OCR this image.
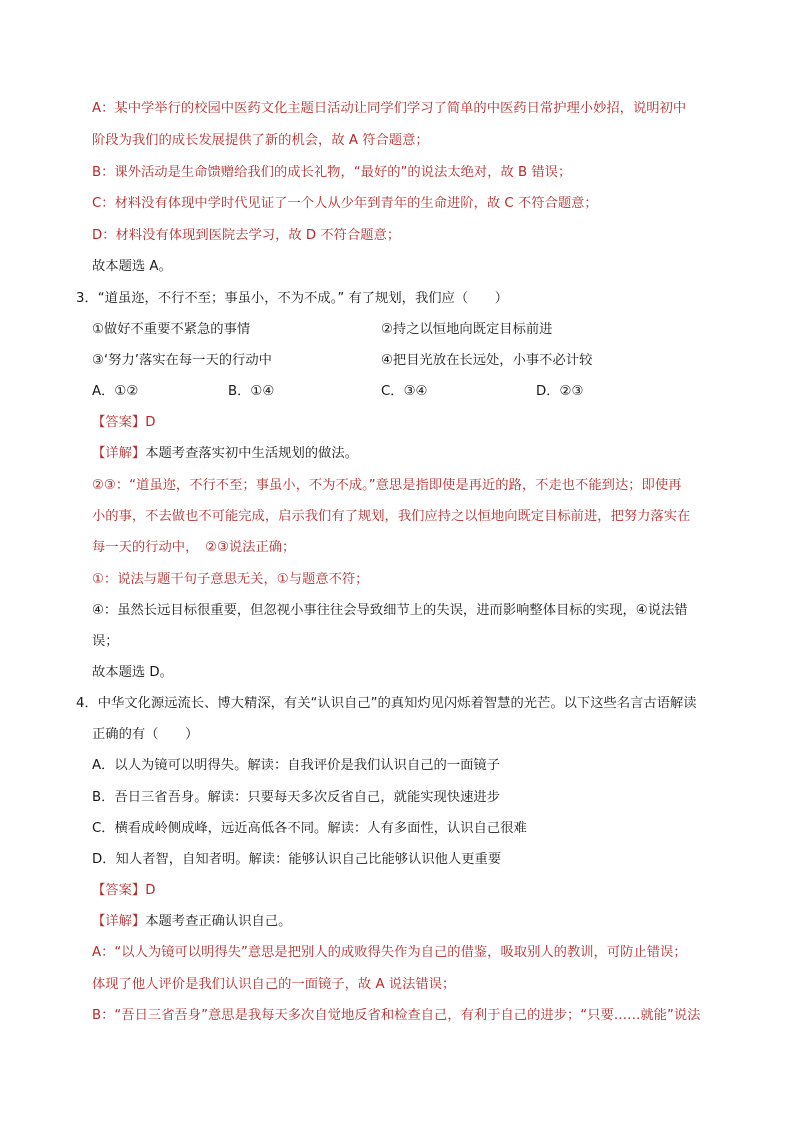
A：某中学举行的校园中医药文化主题日活动让同学们学习了简单的中医药日常护理小妙招，说明初中
阶段为我们的成长发展提供了新的机会，故 A 符合题意；
B：课外活动是生命馈赠给我们的成长礼物，“最好的”的说法太绝对，故 B 错误；
C：材料没有体现中学时代见证了一个人从少年到青年的生命进阶，故 C 不符合题意；
D：材料没有体现到医院去学习，故 D 不符合题意；
故本题选 A。
3．“道虽迩，不行不至；事虽小，不为不成。” 有了规划，我们应（　　）
①做好不重要不紧急的事情	②持之以恒地向既定目标前进
③‘努力’落实在每一天的行动中	④把目光放在长远处，小事不必计较
A．①②	B．①④	C．③④	D．②③
【答案】D
【详解】本题考查落实初中生活规划的做法。
②③：“道虽迩，不行不至；事虽小，不为不成。”意思是指即使是再近的路，不走也不能到达；即使再
小的事，不去做也不可能完成，启示我们有了规划，我们应持之以恒地向既定目标前进，把努力落实在
每一天的行动中，　②③说法正确；
①：说法与题干句子意思无关，①与题意不符；
④：虽然长远目标很重要，但忽视小事往往会导致细节上的失误，进而影响整体目标的实现，④说法错
误；
故本题选 D。
4．中华文化源远流长、博大精深，有关“认识自己”的真知灼见闪烁着智慧的光芒。以下这些名言古语解读
正确的有（　　）
A．以人为镜可以明得失。解读：自我评价是我们认识自己的一面镜子
B．吾日三省吾身。解读：只要每天多次反省自己，就能实现快速进步
C．横看成岭侧成峰，远近高低各不同。解读：人有多面性，认识自己很难
D．知人者智，自知者明。解读：能够认识自己比能够认识他人更重要
【答案】D
【详解】本题考查正确认识自己。
A：“以人为镜可以明得失”意思是把别人的成败得失作为自己的借鉴，吸取别人的教训，可防止错误；
体现了他人评价是我们认识自己的一面镜子，故 A 说法错误；
B：“吾日三省吾身”意思是我每天多次自觉地反省和检查自己，有利于自己的进步；“只要……就能”说法
